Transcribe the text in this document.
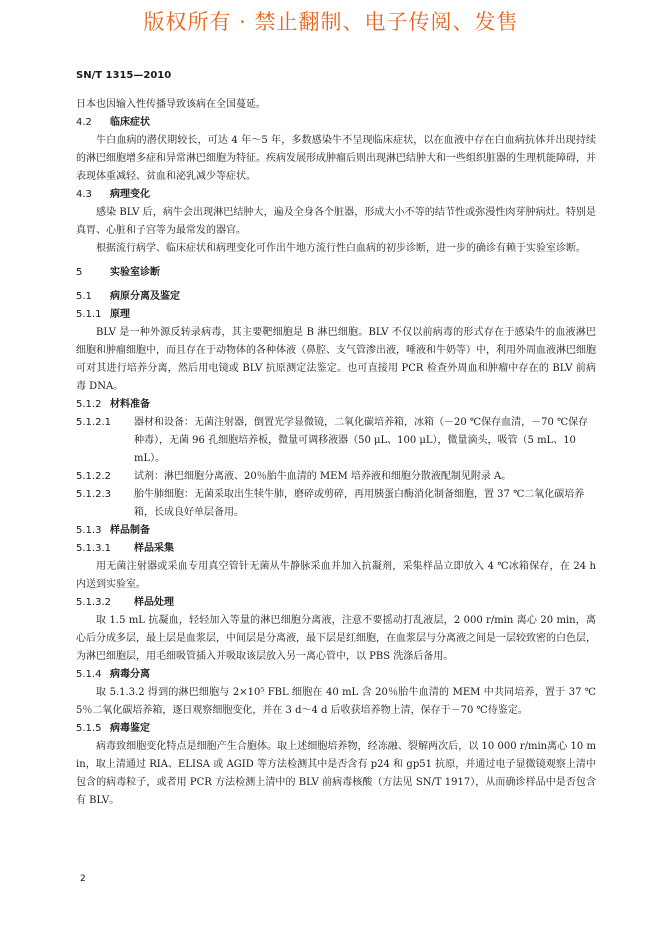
版权所有 · 禁止翻制、电子传阅、发售
SN/T 1315—2010

日本也因输入性传播导致该病在全国蔓延。

4.2	临床症状

牛白血病的潜伏期较长，可达 4 年～5 年，多数感染牛不呈现临床症状，以在血液中存在白血病抗体并出现持续的淋巴细胞增多症和异常淋巴细胞为特征。疾病发展形成肿瘤后则出现淋巴结肿大和一些组织脏器的生理机能障碍，并表现体重减轻、贫血和泌乳减少等症状。

4.3	病理变化

感染 BLV 后，病牛会出现淋巴结肿大，遍及全身各个脏器，形成大小不等的结节性或弥漫性肉芽肿病灶。特别是真胃、心脏和子宫等为最常发的器官。

根据流行病学、临床症状和病理变化可作出牛地方流行性白血病的初步诊断，进一步的确诊有赖于实验室诊断。

5	实验室诊断
5.1	病原分离及鉴定
5.1.1 原理

BLV 是一种外源反转录病毒，其主要靶细胞是 B 淋巴细胞。BLV 不仅以前病毒的形式存在于感染牛的血液淋巴细胞和肿瘤细胞中，而且存在于动物体的各种体液（鼻腔、支气管渗出液，唾液和牛奶等）中，利用外周血液淋巴细胞可对其进行培养分离，然后用电镜或 BLV 抗原测定法鉴定。也可直接用 PCR 检查外周血和肿瘤中存在的 BLV 前病毒 DNA。

5.1.2 材料准备
5.1.2.1	器材和设备：无菌注射器，倒置光学显微镜，二氧化碳培养箱，冰箱（－20 ℃保存血清，－70 ℃保存种毒），无菌 96 孔细胞培养板，微量可调移液器（50 μL、100 μL），微量滴头，吸管（5 mL、10 mL）。
5.1.2.2	试剂：淋巴细胞分离液、20％胎牛血清的 MEM 培养液和细胞分散液配制见附录 A。
5.1.2.3	胎牛肺细胞：无菌采取出生犊牛肺，磨碎或剪碎，再用胰蛋白酶消化制备细胞，置 37 ℃二氧化碳培养箱，长成良好单层备用。
5.1.3 样品制备
5.1.3.1	样品采集

用无菌注射器或采血专用真空管针无菌从牛静脉采血并加入抗凝剂，采集样品立即放入 4 ℃冰箱保存，在 24 h 内送到实验室。

5.1.3.2	样品处理

取 1.5 mL 抗凝血，轻轻加入等量的淋巴细胞分离液，注意不要摇动打乱液层，2 000 r/min 离心 20 min，离心后分成多层，最上层是血浆层，中间层是分离液，最下层是红细胞，在血浆层与分离液之间是一层较致密的白色层，为淋巴细胞层，用毛细吸管插入并吸取该层放入另一离心管中，以 PBS 洗涤后备用。

5.1.4 病毒分离

取 5.1.3.2 得到的淋巴细胞与 2×10⁵ FBL 细胞在 40 mL 含 20％胎牛血清的 MEM 中共同培养，置于 37 ℃ 5％二氧化碳培养箱，逐日观察细胞变化，并在 3 d～4 d 后收获培养物上清，保存于－70 ℃待鉴定。

5.1.5 病毒鉴定

病毒致细胞变化特点是细胞产生合胞体。取上述细胞培养物，经冻融、裂解两次后，以 10 000 r/min离心 10 min，取上清通过 RIA、ELISA 或 AGID 等方法检测其中是否含有 p24 和 gp51 抗原，并通过电子显微镜观察上清中包含的病毒粒子，或者用 PCR 方法检测上清中的 BLV 前病毒核酸（方法见 SN/T 1917），从而确诊样品中是否包含有 BLV。

2
